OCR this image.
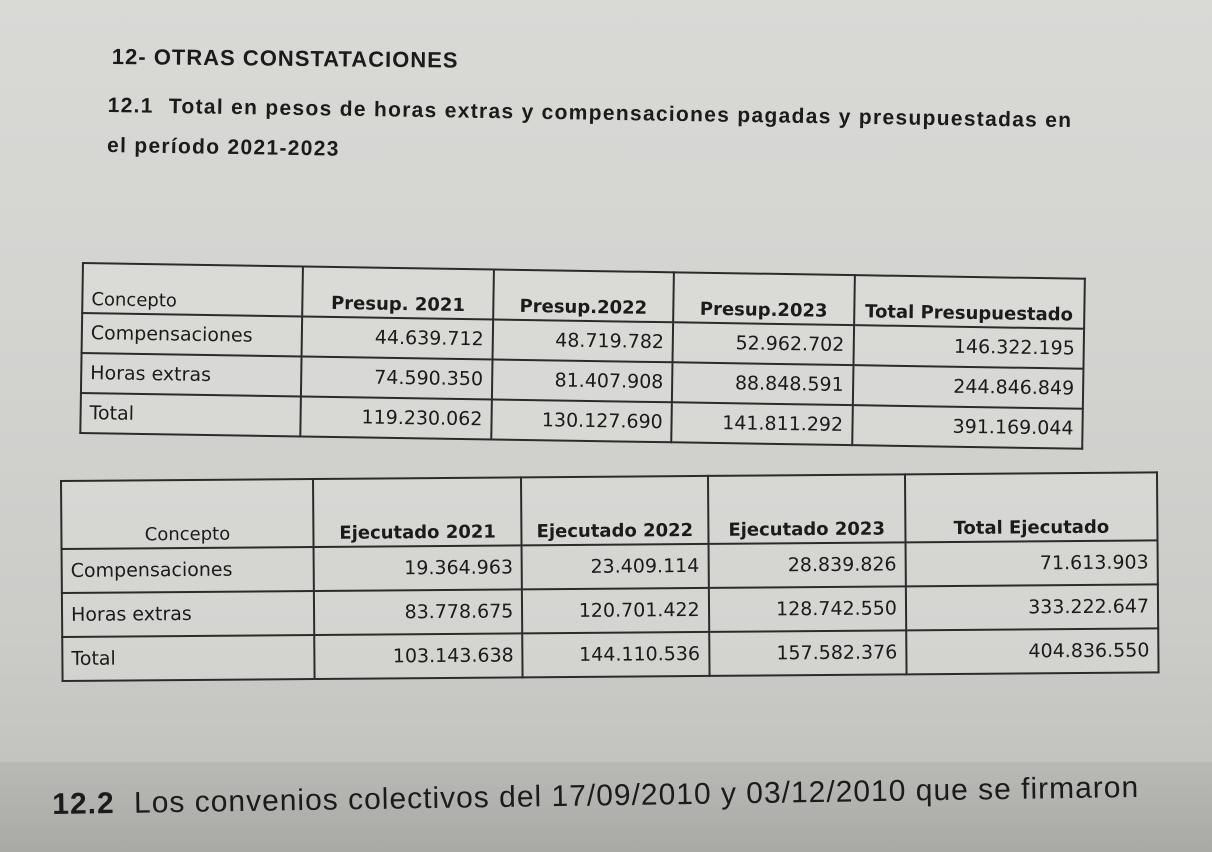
12- OTRAS CONSTATACIONES
12.1 Total en pesos de horas extras y compensaciones pagadas y presupuestadas en el período 2021-2023
Concepto	Presup. 2021	Presup.2022	Presup.2023	Total Presupuestado
Compensaciones	44.639.712	48.719.782	52.962.702	146.322.195
Horas extras	74.590.350	81.407.908	88.848.591	244.846.849
Total	119.230.062	130.127.690	141.811.292	391.169.044
Concepto	Ejecutado 2021	Ejecutado 2022	Ejecutado 2023	Total Ejecutado
Compensaciones	19.364.963	23.409.114	28.839.826	71.613.903
Horas extras	83.778.675	120.701.422	128.742.550	333.222.647
Total	103.143.638	144.110.536	157.582.376	404.836.550
12.2 Los convenios colectivos del 17/09/2010 y 03/12/2010 que se firmaron
